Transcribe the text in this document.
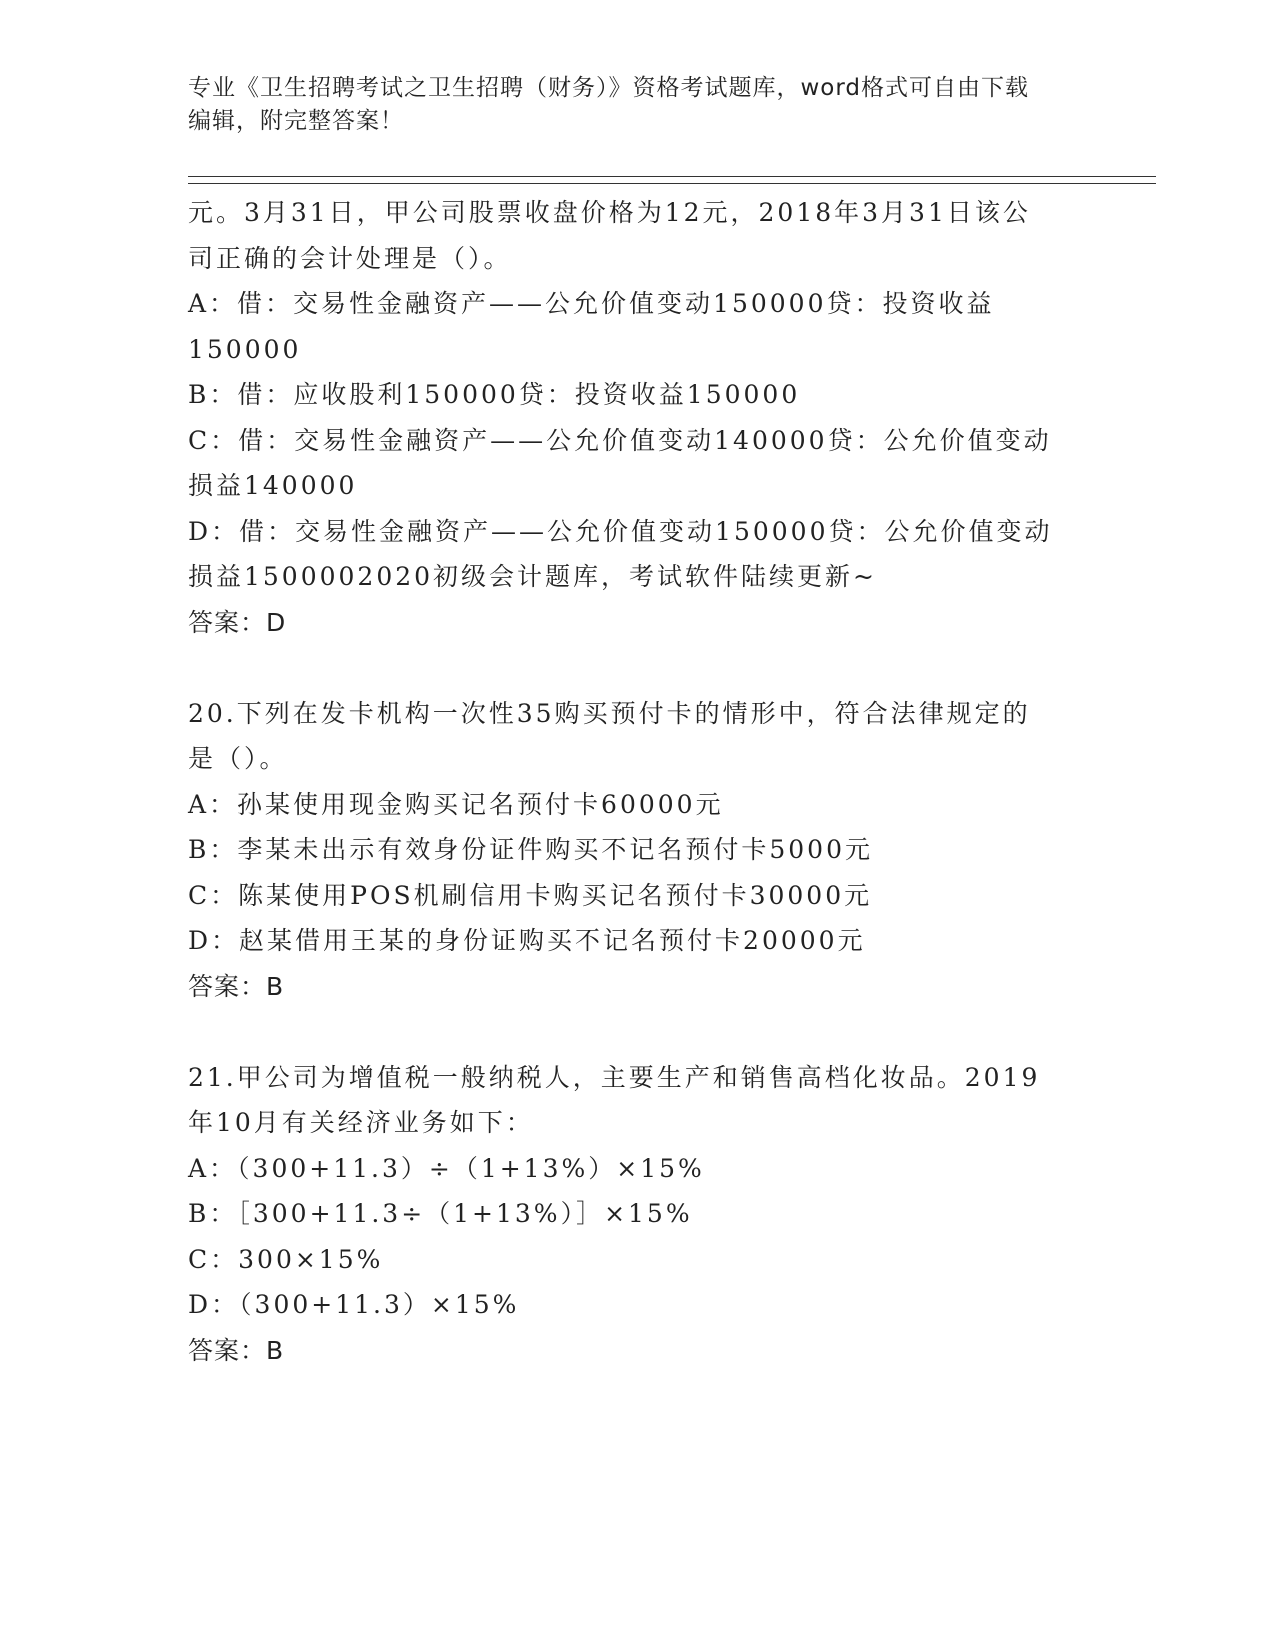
专业《卫生招聘考试之卫生招聘（财务）》资格考试题库，word格式可自由下载
编辑，附完整答案！
元。3月31日，甲公司股票收盘价格为12元，2018年3月31日该公
司正确的会计处理是（）。
A：借：交易性金融资产——公允价值变动150000贷：投资收益
150000
B：借：应收股利150000贷：投资收益150000
C：借：交易性金融资产——公允价值变动140000贷：公允价值变动
损益140000
D：借：交易性金融资产——公允价值变动150000贷：公允价值变动
损益1500002020初级会计题库，考试软件陆续更新~
答案：D
20.下列在发卡机构一次性35购买预付卡的情形中，符合法律规定的
是（）。
A：孙某使用现金购买记名预付卡60000元
B：李某未出示有效身份证件购买不记名预付卡5000元
C：陈某使用POS机刷信用卡购买记名预付卡30000元
D：赵某借用王某的身份证购买不记名预付卡20000元
答案：B
21.甲公司为增值税一般纳税人，主要生产和销售高档化妆品。2019
年10月有关经济业务如下：
A：（300+11.3）÷（1+13%）×15%
B：［300+11.3÷（1+13%）］×15%
C：300×15%
D：（300+11.3）×15%
答案：B
